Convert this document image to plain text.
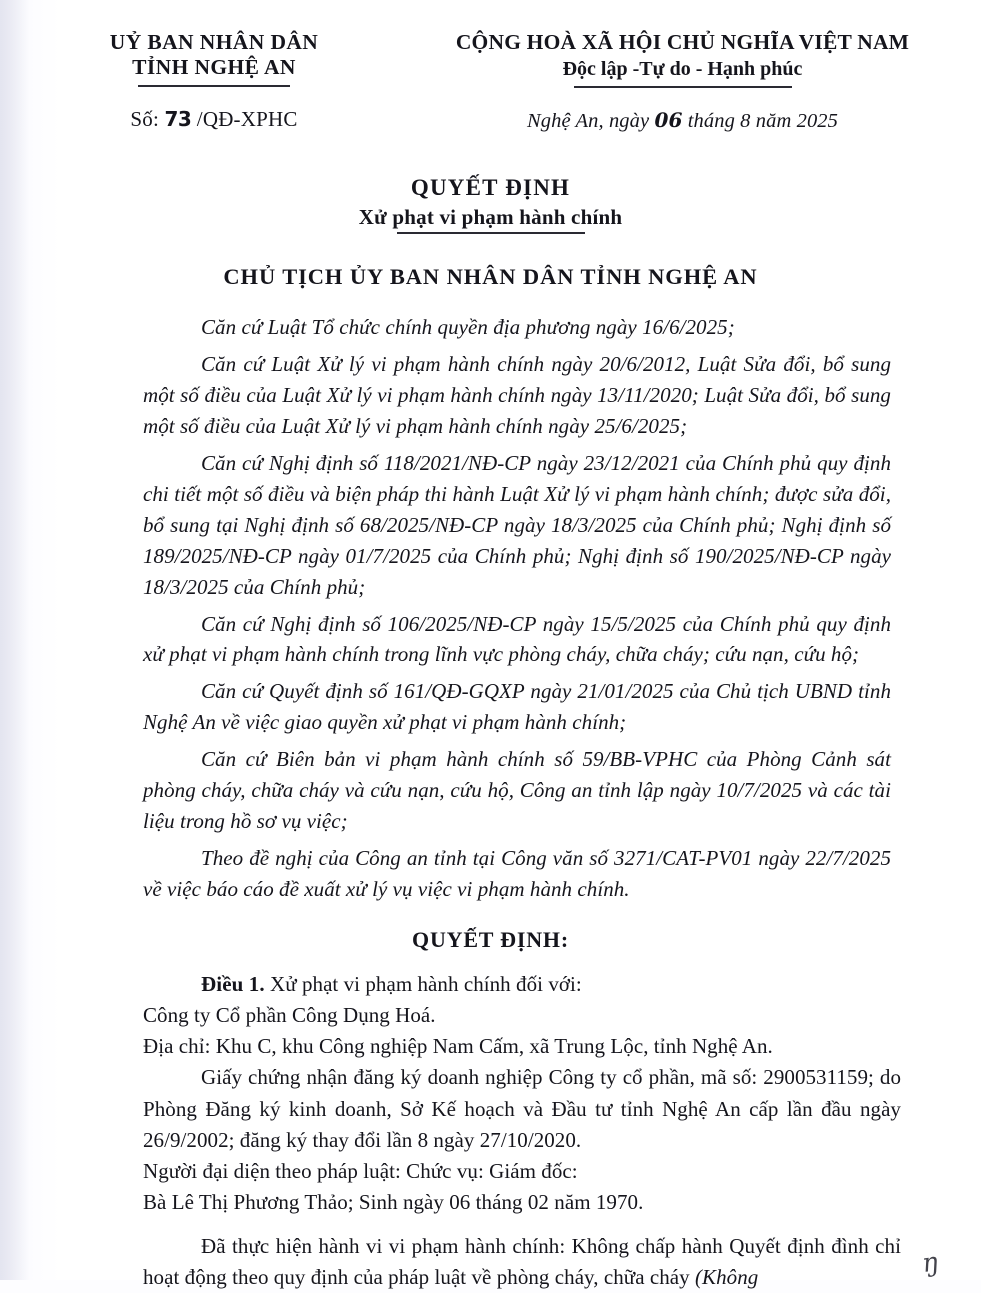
UỶ BAN NHÂN DÂN
TỈNH NGHỆ AN
Số: 73 /QĐ-XPHC
CỘNG HOÀ XÃ HỘI CHỦ NGHĨA VIỆT NAM
Độc lập -Tự do - Hạnh phúc
Nghệ An, ngày 06 tháng 8 năm 2025
QUYẾT ĐỊNH
Xử phạt vi phạm hành chính
CHỦ TỊCH ỦY BAN NHÂN DÂN TỈNH NGHỆ AN

Căn cứ Luật Tổ chức chính quyền địa phương ngày 16/6/2025;

Căn cứ Luật Xử lý vi phạm hành chính ngày 20/6/2012, Luật Sửa đổi, bổ sung một số điều của Luật Xử lý vi phạm hành chính ngày 13/11/2020; Luật Sửa đổi, bổ sung một số điều của Luật Xử lý vi phạm hành chính ngày 25/6/2025;

Căn cứ Nghị định số 118/2021/NĐ-CP ngày 23/12/2021 của Chính phủ quy định chi tiết một số điều và biện pháp thi hành Luật Xử lý vi phạm hành chính; được sửa đổi, bổ sung tại Nghị định số 68/2025/NĐ-CP ngày 18/3/2025 của Chính phủ; Nghị định số 189/2025/NĐ-CP ngày 01/7/2025 của Chính phủ; Nghị định số 190/2025/NĐ-CP ngày 18/3/2025 của Chính phủ;

Căn cứ Nghị định số 106/2025/NĐ-CP ngày 15/5/2025 của Chính phủ quy định xử phạt vi phạm hành chính trong lĩnh vực phòng cháy, chữa cháy; cứu nạn, cứu hộ;

Căn cứ Quyết định số 161/QĐ-GQXP ngày 21/01/2025 của Chủ tịch UBND tỉnh Nghệ An về việc giao quyền xử phạt vi phạm hành chính;

Căn cứ Biên bản vi phạm hành chính số 59/BB-VPHC của Phòng Cảnh sát phòng cháy, chữa cháy và cứu nạn, cứu hộ, Công an tỉnh lập ngày 10/7/2025 và các tài liệu trong hồ sơ vụ việc;

Theo đề nghị của Công an tỉnh tại Công văn số 3271/CAT-PV01 ngày 22/7/2025 về việc báo cáo đề xuất xử lý vụ việc vi phạm hành chính.

QUYẾT ĐỊNH:

Điều 1. Xử phạt vi phạm hành chính đối với:

Công ty Cổ phần Công Dụng Hoá.

Địa chỉ: Khu C, khu Công nghiệp Nam Cấm, xã Trung Lộc, tỉnh Nghệ An.

Giấy chứng nhận đăng ký doanh nghiệp Công ty cổ phần, mã số: 2900531159; do Phòng Đăng ký kinh doanh, Sở Kế hoạch và Đầu tư tỉnh Nghệ An cấp lần đầu ngày 26/9/2002; đăng ký thay đổi lần 8 ngày 27/10/2020.

Người đại diện theo pháp luật: Chức vụ: Giám đốc:

Bà Lê Thị Phương Thảo; Sinh ngày 06 tháng 02 năm 1970.

Đã thực hiện hành vi vi phạm hành chính: Không chấp hành Quyết định đình chỉ hoạt động theo quy định của pháp luật về phòng cháy, chữa cháy (Không	ŋ
